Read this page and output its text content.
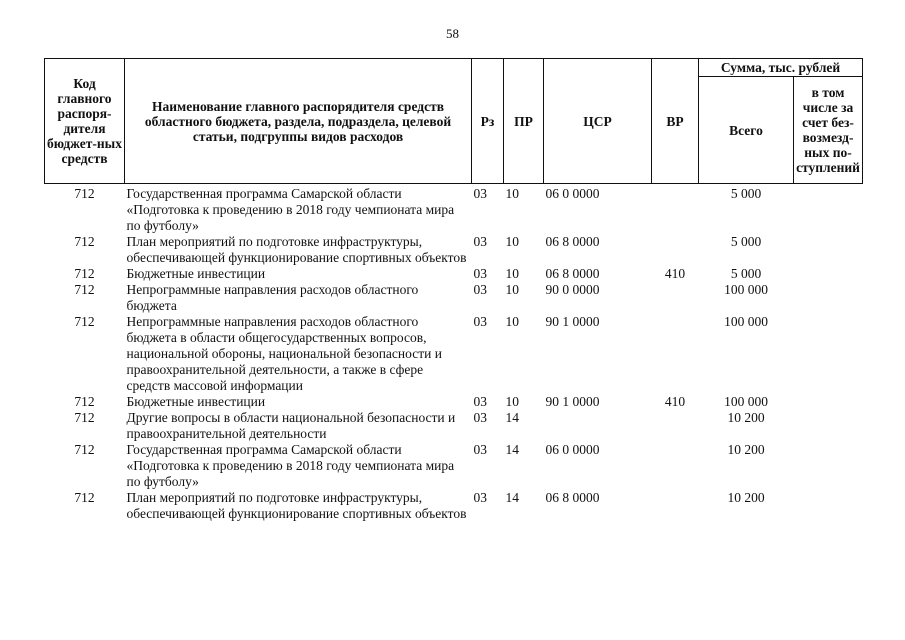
58
Код главного распоря-дителя бюджет-ных средств	Наименование главного распорядителя средств областного бюджета, раздела, подраздела, целевой статьи, подгруппы видов расходов	Рз	ПР	ЦСР	ВР	Сумма, тыс. рублей	
						Всего	в том числе за счет без-возмезд-ных по-ступлений
712	Государственная программа Самарской области «Подготовка к проведению в 2018 году чемпионата мира по футболу»	03	10	06 0 0000		5 000	
712	План мероприятий по подготовке инфраструктуры, обеспечивающей функционирование спортивных объектов	03	10	06 8 0000		5 000	
712	Бюджетные инвестиции	03	10	06 8 0000	410	5 000	
712	Непрограммные направления расходов областного бюджета	03	10	90 0 0000		100 000	
712	Непрограммные направления расходов областного бюджета в области общегосударственных вопросов, национальной обороны, национальной безопасности и правоохранительной деятельности, а также в сфере средств массовой информации	03	10	90 1 0000		100 000	
712	Бюджетные инвестиции	03	10	90 1 0000	410	100 000	
712	Другие вопросы в области национальной безопасности и правоохранительной деятельности	03	14			10 200	
712	Государственная программа Самарской области «Подготовка к проведению в 2018 году чемпионата мира по футболу»	03	14	06 0 0000		10 200	
712	План мероприятий по подготовке инфраструктуры, обеспечивающей функционирование спортивных объектов	03	14	06 8 0000		10 200	
